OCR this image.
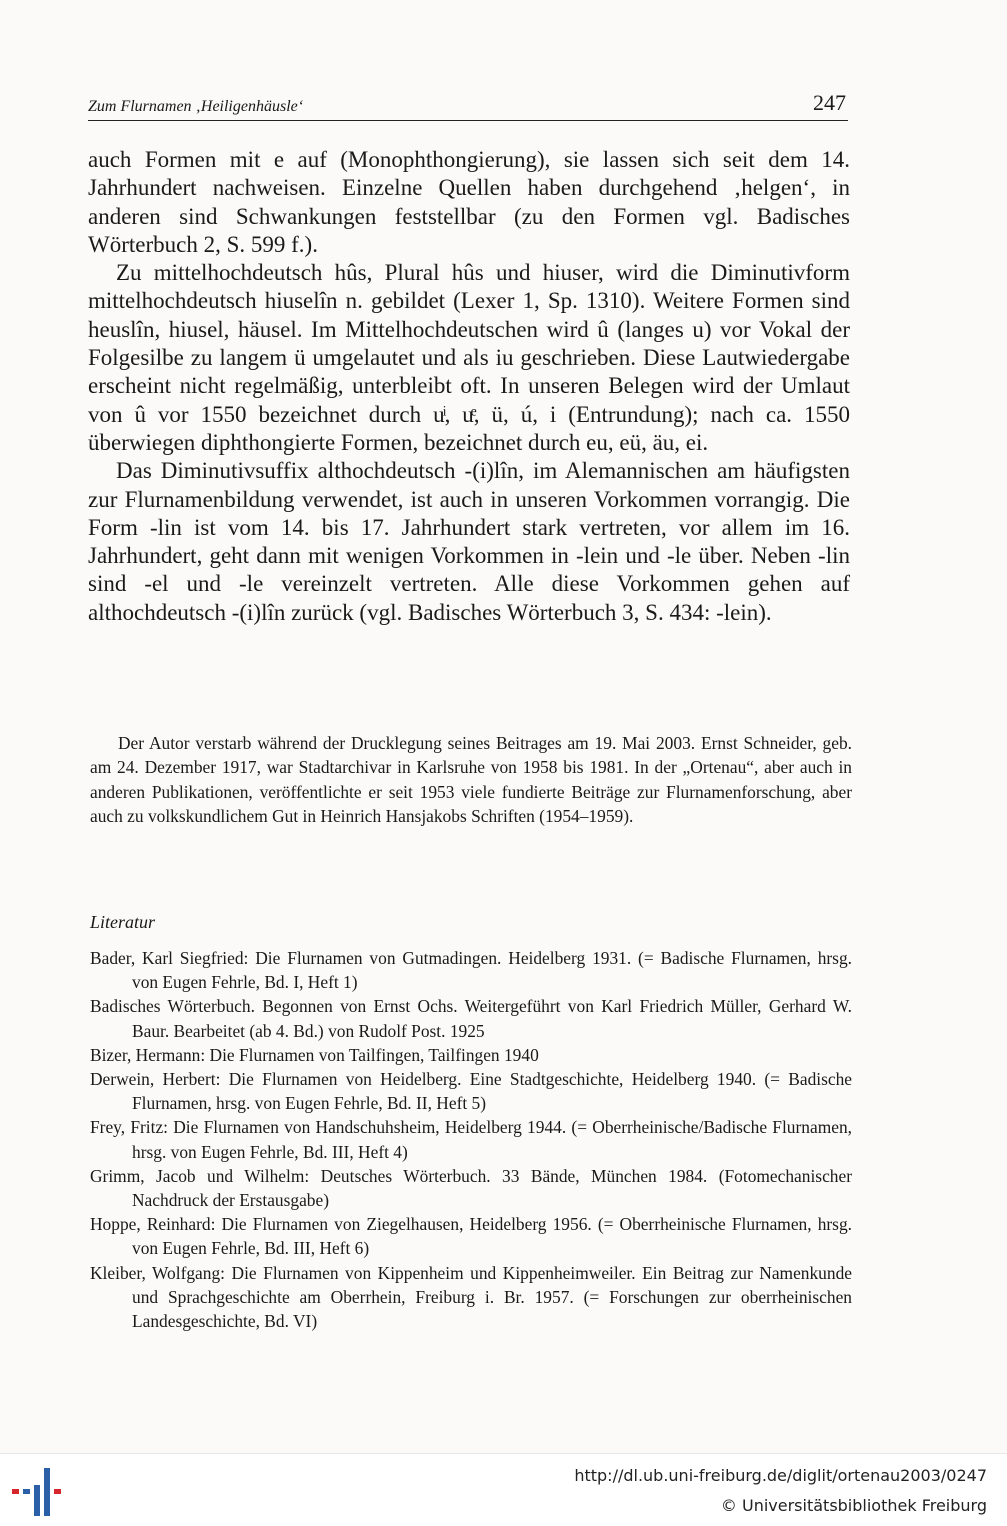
Zum Flurnamen ‚Heiligenhäusle‘	247

auch Formen mit e auf (Monophthongierung), sie lassen sich seit dem 14. Jahrhundert nachweisen. Einzelne Quellen haben durchgehend ‚helgen‘, in anderen sind Schwankungen feststellbar (zu den Formen vgl. Badisches Wörterbuch 2, S. 599 f.).

Zu mittelhochdeutsch hûs, Plural hûs und hiuser, wird die Diminutivform mittelhochdeutsch hiuselîn n. gebildet (Lexer 1, Sp. 1310). Weitere Formen sind heuslîn, hiusel, häusel. Im Mittelhochdeutschen wird û (langes u) vor Vokal der Folgesilbe zu langem ü umgelautet und als iu geschrieben. Diese Lautwiedergabe erscheint nicht regelmäßig, unterbleibt oft. In unseren Belegen wird der Umlaut von û vor 1550 bezeichnet durch uͥ, uͤ, ü, ú, i (Entrundung); nach ca. 1550 überwiegen diphthongierte Formen, bezeichnet durch eu, eü, äu, ei.

Das Diminutivsuffix althochdeutsch -(i)lîn, im Alemannischen am häufigsten zur Flurnamenbildung verwendet, ist auch in unseren Vorkommen vorrangig. Die Form -lin ist vom 14. bis 17. Jahrhundert stark vertreten, vor allem im 16. Jahrhundert, geht dann mit wenigen Vorkommen in -lein und -le über. Neben -lin sind -el und -le vereinzelt vertreten. Alle diese Vorkommen gehen auf althochdeutsch -(i)lîn zurück (vgl. Badisches Wörterbuch 3, S. 434: -lein).

Der Autor verstarb während der Drucklegung seines Beitrages am 19. Mai 2003. Ernst Schneider, geb. am 24. Dezember 1917, war Stadtarchivar in Karlsruhe von 1958 bis 1981. In der „Ortenau“, aber auch in anderen Publikationen, veröffentlichte er seit 1953 viele fundierte Beiträge zur Flurnamenforschung, aber auch zu volkskundlichem Gut in Heinrich Hansjakobs Schriften (1954–1959).

Literatur

Bader, Karl Siegfried: Die Flurnamen von Gutmadingen. Heidelberg 1931. (= Badische Flurnamen, hrsg. von Eugen Fehrle, Bd. I, Heft 1)

Badisches Wörterbuch. Begonnen von Ernst Ochs. Weitergeführt von Karl Friedrich Müller, Gerhard W. Baur. Bearbeitet (ab 4. Bd.) von Rudolf Post. 1925

Bizer, Hermann: Die Flurnamen von Tailfingen, Tailfingen 1940

Derwein, Herbert: Die Flurnamen von Heidelberg. Eine Stadtgeschichte, Heidelberg 1940. (= Badische Flurnamen, hrsg. von Eugen Fehrle, Bd. II, Heft 5)

Frey, Fritz: Die Flurnamen von Handschuhsheim, Heidelberg 1944. (= Oberrheinische/Badische Flurnamen, hrsg. von Eugen Fehrle, Bd. III, Heft 4)

Grimm, Jacob und Wilhelm: Deutsches Wörterbuch. 33 Bände, München 1984. (Fotomechanischer Nachdruck der Erstausgabe)

Hoppe, Reinhard: Die Flurnamen von Ziegelhausen, Heidelberg 1956. (= Oberrheinische Flurnamen, hrsg. von Eugen Fehrle, Bd. III, Heft 6)

Kleiber, Wolfgang: Die Flurnamen von Kippenheim und Kippenheimweiler. Ein Beitrag zur Namenkunde und Sprachgeschichte am Oberrhein, Freiburg i. Br. 1957. (= Forschungen zur oberrheinischen Landesgeschichte, Bd. VI)

http://dl.ub.uni-freiburg.de/diglit/ortenau2003/0247
© Universitätsbibliothek Freiburg
